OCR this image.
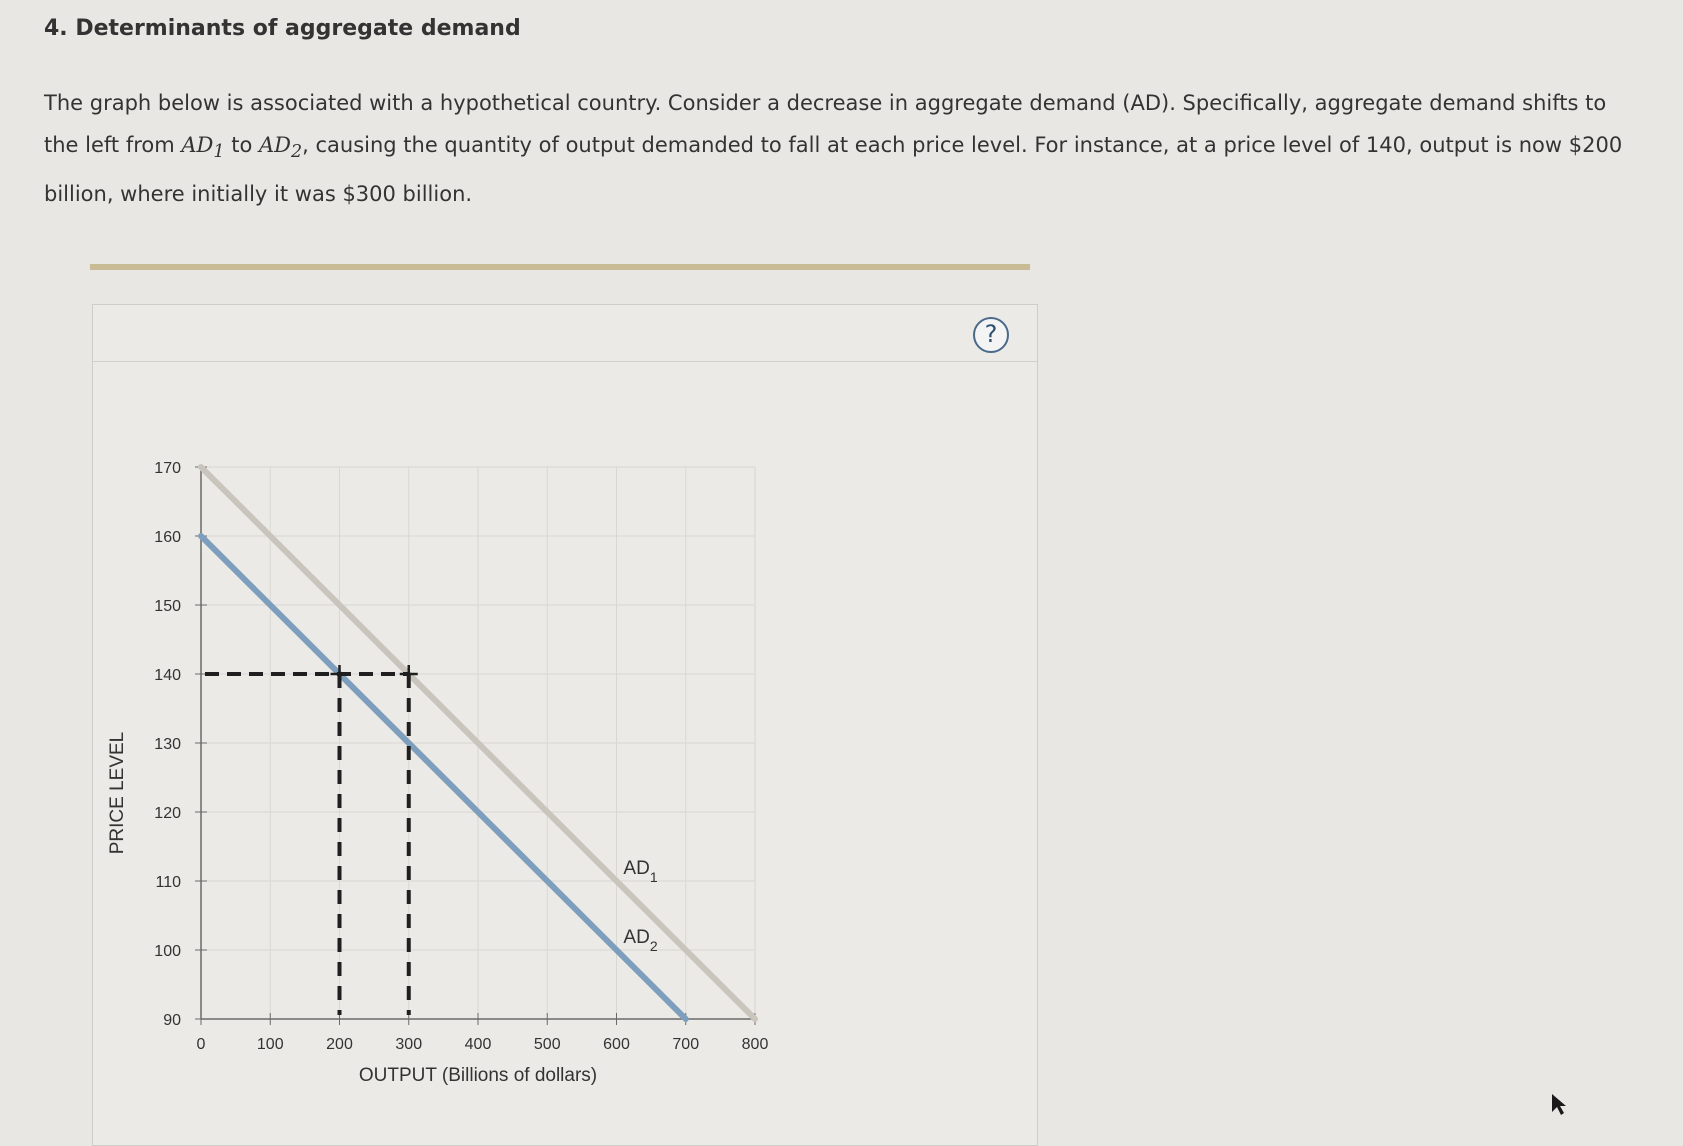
4. Determinants of aggregate demand
The graph below is associated with a hypothetical country. Consider a decrease in aggregate demand (AD). Specifically, aggregate demand shifts to the left from $AD_1$ to $AD_2$, causing the quantity of output demanded to fall at each price level. For instance, at a price level of 140, output is now $200 billion, where initially it was $300 billion.
?
90
100
110
120
130
140
150
160
170
0	100	200	300	400	500	600	700	800
OUTPUT (Billions of dollars)
PRICE LEVEL
$AD_1$
$AD_2$
